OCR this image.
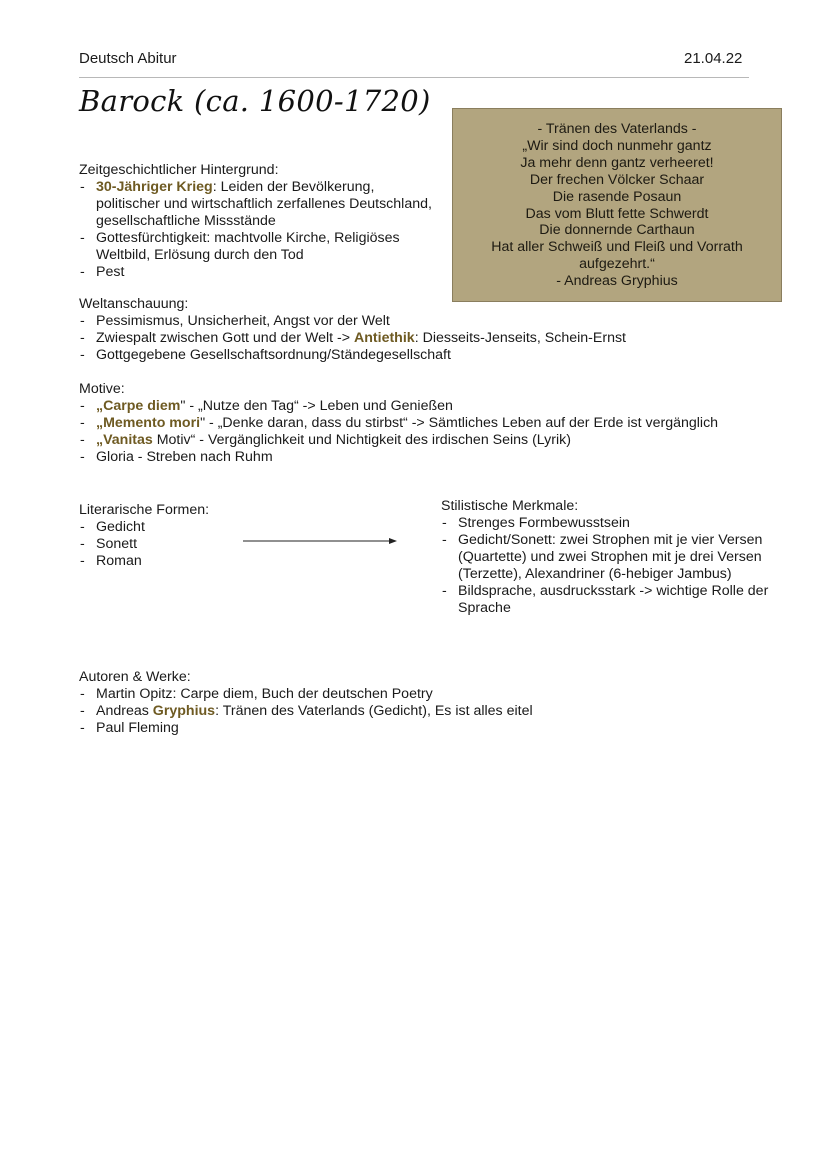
Deutsch Abitur	21.04.22
Barock (ca. 1600-1720)
- Tränen des Vaterlands -
„Wir sind doch nunmehr gantz
Ja mehr denn gantz verheeret!
Der frechen Völcker Schaar
Die rasende Posaun
Das vom Blutt fette Schwerdt
Die donnernde Carthaun
Hat aller Schweiß und Fleiß und Vorrath
aufgezehrt.“
- Andreas Gryphius
Zeitgeschichtlicher Hintergrund:
- 30-Jähriger Krieg: Leiden der Bevölkerung, politischer und wirtschaftlich zerfallenes Deutschland, gesellschaftliche Missstände
- Gottesfürchtigkeit: machtvolle Kirche, Religiöses Weltbild, Erlösung durch den Tod
- Pest
Weltanschauung:
- Pessimismus, Unsicherheit, Angst vor der Welt
- Zwiespalt zwischen Gott und der Welt -> Antiethik: Diesseits-Jenseits, Schein-Ernst
- Gottgegebene Gesellschaftsordnung/Ständegesellschaft
Motive:
- „Carpe diem" - „Nutze den Tag“ -> Leben und Genießen
- „Memento mori" - „Denke daran, dass du stirbst“ -> Sämtliches Leben auf der Erde ist vergänglich
- „Vanitas Motiv“ - Vergänglichkeit und Nichtigkeit des irdischen Seins (Lyrik)
- Gloria - Streben nach Ruhm
Literarische Formen:
- Gedicht
- Sonett
- Roman
Stilistische Merkmale:
- Strenges Formbewusstsein
- Gedicht/Sonett: zwei Strophen mit je vier Versen (Quartette) und zwei Strophen mit je drei Versen (Terzette), Alexandriner (6-hebiger Jambus)
- Bildsprache, ausdrucksstark -> wichtige Rolle der Sprache
Autoren & Werke:
- Martin Opitz: Carpe diem, Buch der deutschen Poetry
- Andreas Gryphius: Tränen des Vaterlands (Gedicht), Es ist alles eitel
- Paul Fleming
